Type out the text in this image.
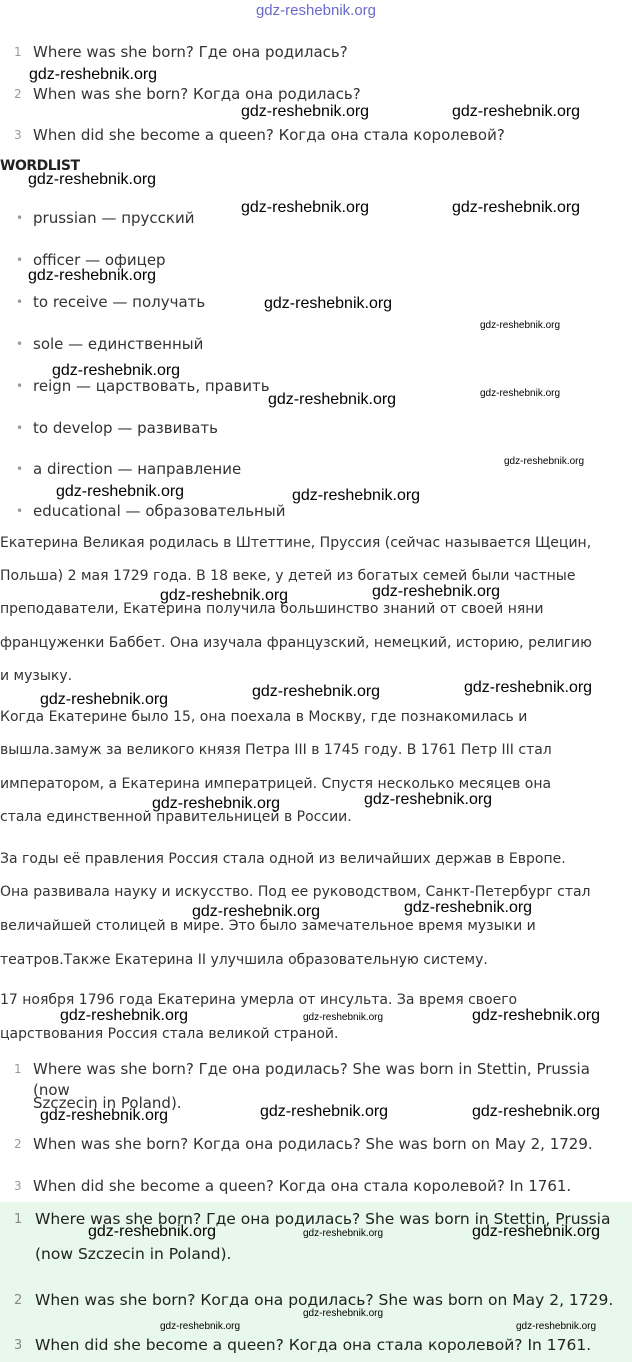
gdz-reshebnik.org
1 Where was she born? Где она родилась?
2 When was she born? Когда она родилась?
3 When did she become a queen? Когда она стала королевой?
WORDLIST
• prussian — прусский
• officer — офицер
• to receive — получать
• sole — единственный
• reign — царствовать, править
• to develop — развивать
• a direction — направление
• educational — образовательный
Екатерина Великая родилась в Штеттине, Пруссия (сейчас называется Щецин,
Польша) 2 мая 1729 года. В 18 веке, у детей из богатых семей были частные
преподаватели, Екатерина получила большинство знаний от своей няни
француженки Баббет. Она изучала французский, немецкий, историю, религию
и музыку.
Когда Екатерине было 15, она поехала в Москву, где познакомилась и
вышла.замуж за великого князя Петра III в 1745 году. В 1761 Петр III стал
императором, а Екатерина императрицей. Спустя несколько месяцев она
стала единственной правительницей в России.
За годы её правления Россия стала одной из величайших держав в Европе.
Она развивала науку и искусство. Под ее руководством, Санкт-Петербург стал
величайшей столицей в мире. Это было замечательное время музыки и
театров.Также Екатерина II улучшила образовательную систему.
17 ноября 1796 года Екатерина умерла от инсульта. За время своего
царствования Россия стала великой страной.
1 Where was she born? Где она родилась? She was born in Stettin, Prussia (now
Szczecin in Poland).
2 When was she born? Когда она родилась? She was born on May 2, 1729.
3 When did she become a queen? Когда она стала королевой? In 1761.
1 Where was she born? Где она родилась? She was born in Stettin, Prussia
(now Szczecin in Poland).
2 When was she born? Когда она родилась? She was born on May 2, 1729.
3 When did she become a queen? Когда она стала королевой? In 1761.
gdz-reshebnik.org
gdz-reshebnik.org	gdz-reshebnik.org
gdz-reshebnik.org
gdz-reshebnik.org	gdz-reshebnik.org
gdz-reshebnik.org
gdz-reshebnik.org
gdz-reshebnik.org
gdz-reshebnik.org
gdz-reshebnik.org	gdz-reshebnik.org
gdz-reshebnik.org
gdz-reshebnik.org	gdz-reshebnik.org
gdz-reshebnik.org	gdz-reshebnik.org
gdz-reshebnik.org	gdz-reshebnik.org	gdz-reshebnik.org
gdz-reshebnik.org	gdz-reshebnik.org
gdz-reshebnik.org	gdz-reshebnik.org
gdz-reshebnik.org	gdz-reshebnik.org	gdz-reshebnik.org
gdz-reshebnik.org	gdz-reshebnik.org	gdz-reshebnik.org
gdz-reshebnik.org	gdz-reshebnik.org	gdz-reshebnik.org
gdz-reshebnik.org
gdz-reshebnik.org	gdz-reshebnik.org
